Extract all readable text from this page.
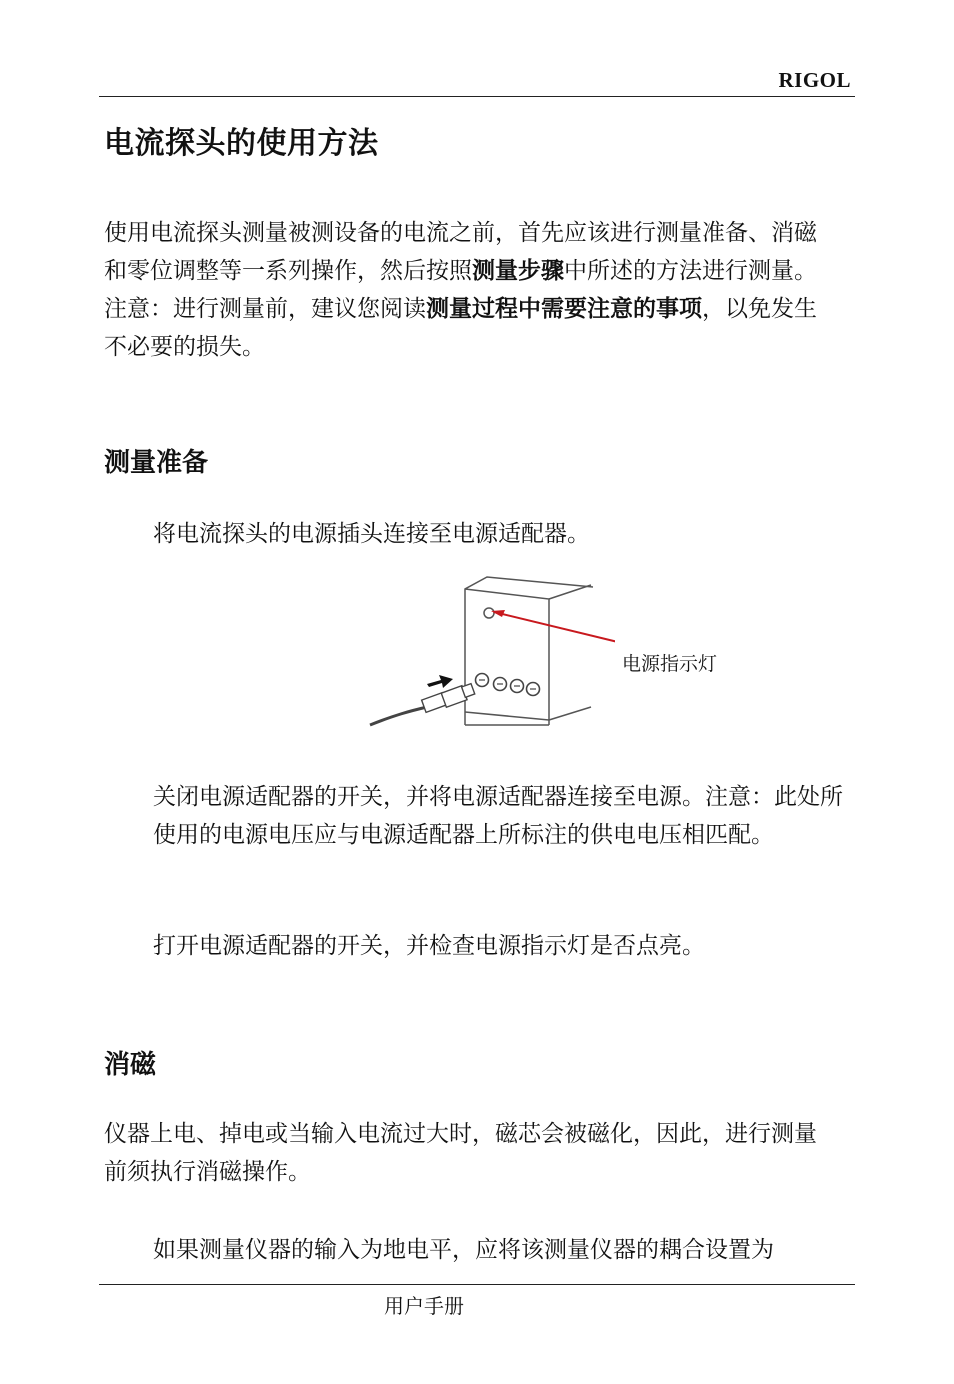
RIGOL
电流探头的使用方法

使用电流探头测量被测设备的电流之前，首先应该进行测量准备、消磁和零位调整等一系列操作，然后按照测量步骤中所述的方法进行测量。注意：进行测量前，建议您阅读测量过程中需要注意的事项，以免发生不必要的损失。

测量准备

将电流探头的电源插头连接至电源适配器。

电源指示灯

关闭电源适配器的开关，并将电源适配器连接至电源。注意：此处所使用的电源电压应与电源适配器上所标注的供电电压相匹配。

打开电源适配器的开关，并检查电源指示灯是否点亮。

消磁

仪器上电、掉电或当输入电流过大时，磁芯会被磁化，因此，进行测量前须执行消磁操作。

如果测量仪器的输入为地电平，应将该测量仪器的耦合设置为

用户手册
